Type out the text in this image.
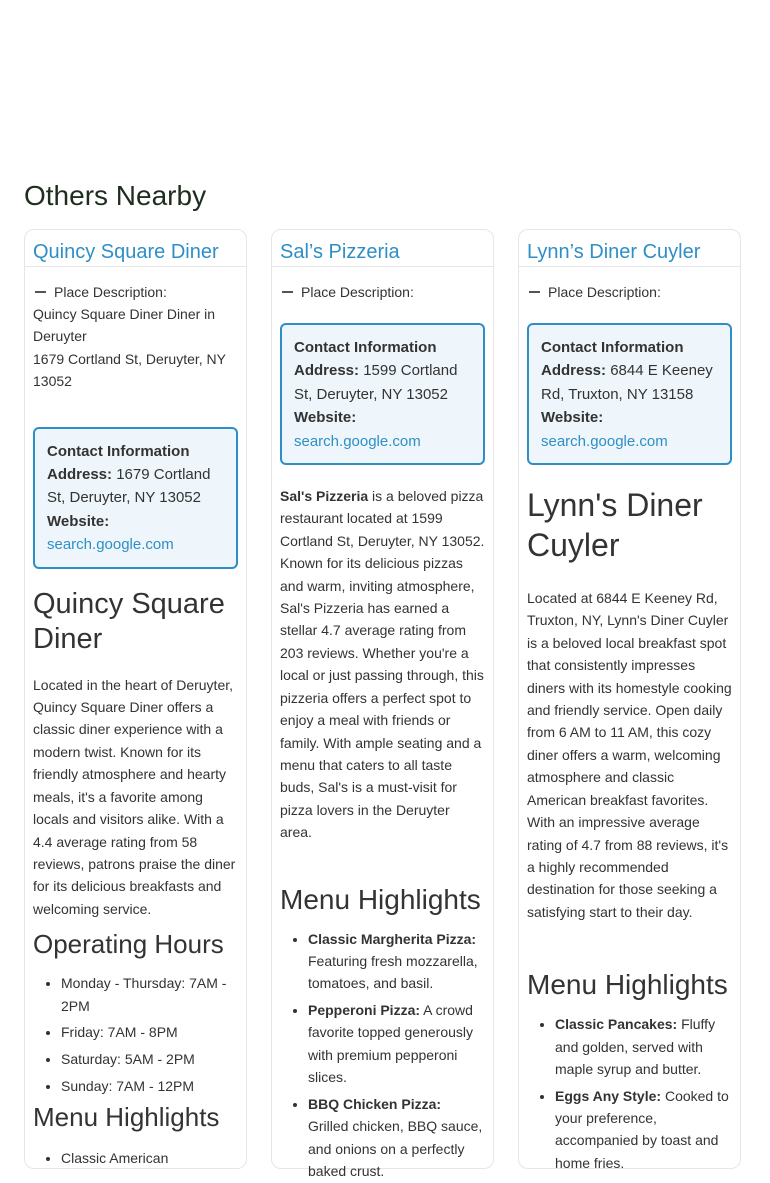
Others Nearby
Quincy Square Diner
Place Description:

Quincy Square Diner Diner in Deruyter
1679 Cortland St, Deruyter, NY 13052

Contact Information
Address: 1679 Cortland St, Deruyter, NY 13052
Website:
search.google.com
Quincy Square Diner

Located in the heart of Deruyter, Quincy Square Diner offers a classic diner experience with a modern twist. Known for its friendly atmosphere and hearty meals, it's a favorite among locals and visitors alike. With a 4.4 average rating from 58 reviews, patrons praise the diner for its delicious breakfasts and welcoming service.

Operating Hours
• Monday - Thursday: 7AM - 2PM
• Friday: 7AM - 8PM
• Saturday: 5AM - 2PM
• Sunday: 7AM - 12PM
Menu Highlights
• Classic American
Sal’s Pizzeria
Place Description:
Contact Information
Address: 1599 Cortland St, Deruyter, NY 13052
Website:
search.google.com

Sal's Pizzeria is a beloved pizza restaurant located at 1599 Cortland St, Deruyter, NY 13052. Known for its delicious pizzas and warm, inviting atmosphere, Sal's Pizzeria has earned a stellar 4.7 average rating from 203 reviews. Whether you're a local or just passing through, this pizzeria offers a perfect spot to enjoy a meal with friends or family. With ample seating and a menu that caters to all taste buds, Sal's is a must-visit for pizza lovers in the Deruyter area.

Menu Highlights
• Classic Margherita Pizza: Featuring fresh mozzarella, tomatoes, and basil.
• Pepperoni Pizza: A crowd favorite topped generously with premium pepperoni slices.
• BBQ Chicken Pizza: Grilled chicken, BBQ sauce, and onions on a perfectly baked crust.
Lynn’s Diner Cuyler
Place Description:
Contact Information
Address: 6844 E Keeney Rd, Truxton, NY 13158
Website:
search.google.com
Lynn's Diner Cuyler

Located at 6844 E Keeney Rd, Truxton, NY, Lynn's Diner Cuyler is a beloved local breakfast spot that consistently impresses diners with its homestyle cooking and friendly service. Open daily from 6 AM to 11 AM, this cozy diner offers a warm, welcoming atmosphere and classic American breakfast favorites. With an impressive average rating of 4.7 from 88 reviews, it's a highly recommended destination for those seeking a satisfying start to their day.

Menu Highlights
• Classic Pancakes: Fluffy and golden, served with maple syrup and butter.
• Eggs Any Style: Cooked to your preference, accompanied by toast and home fries.
